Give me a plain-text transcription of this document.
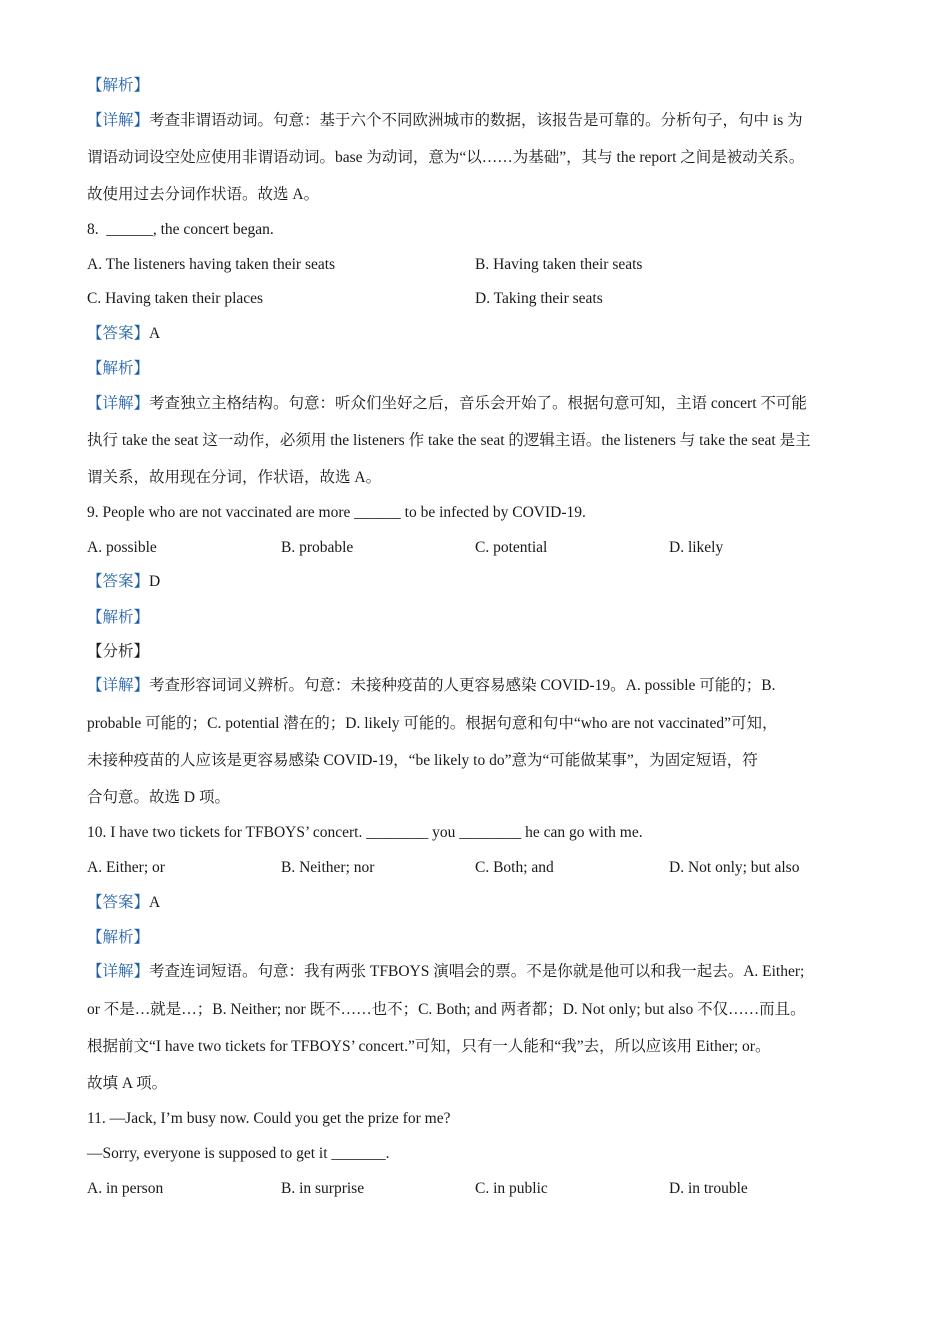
【解析】
【详解】考查非谓语动词。句意：基于六个不同欧洲城市的数据，该报告是可靠的。分析句子，句中 is 为
谓语动词设空处应使用非谓语动词。base 为动词，意为“以……为基础”，其与 the report 之间是被动关系。
故使用过去分词作状语。故选 A。
8. ______, the concert began.
A. The listeners having taken their seats	B. Having taken their seats
C. Having taken their places	D. Taking their seats
【答案】A
【解析】
【详解】考查独立主格结构。句意：听众们坐好之后，音乐会开始了。根据句意可知，主语 concert 不可能
执行 take the seat 这一动作，必须用 the listeners 作 take the seat 的逻辑主语。the listeners 与 take the seat 是主
谓关系，故用现在分词，作状语，故选 A。
9. People who are not vaccinated are more ______ to be infected by COVID-19.
A. possible	B. probable	C. potential	D. likely
【答案】D
【解析】
【分析】
【详解】考查形容词词义辨析。句意：未接种疫苗的人更容易感染 COVID-19。A. possible 可能的；B.
probable 可能的；C. potential 潜在的；D. likely 可能的。根据句意和句中“who are not vaccinated”可知，
未接种疫苗的人应该是更容易感染 COVID-19，“be likely to do”意为“可能做某事”，为固定短语，符
合句意。故选 D 项。
10. I have two tickets for TFBOYS’ concert. ________ you ________ he can go with me.
A. Either; or	B. Neither; nor	C. Both; and	D. Not only; but also
【答案】A
【解析】
【详解】考查连词短语。句意：我有两张 TFBOYS 演唱会的票。不是你就是他可以和我一起去。A. Either;
or 不是…就是…；B. Neither; nor 既不……也不；C. Both; and 两者都；D. Not only; but also 不仅……而且。
根据前文“I have two tickets for TFBOYS’ concert.”可知，只有一人能和“我”去，所以应该用 Either; or。
故填 A 项。
11. —Jack, I’m busy now. Could you get the prize for me?
—Sorry, everyone is supposed to get it _______.
A. in person	B. in surprise	C. in public	D. in trouble
